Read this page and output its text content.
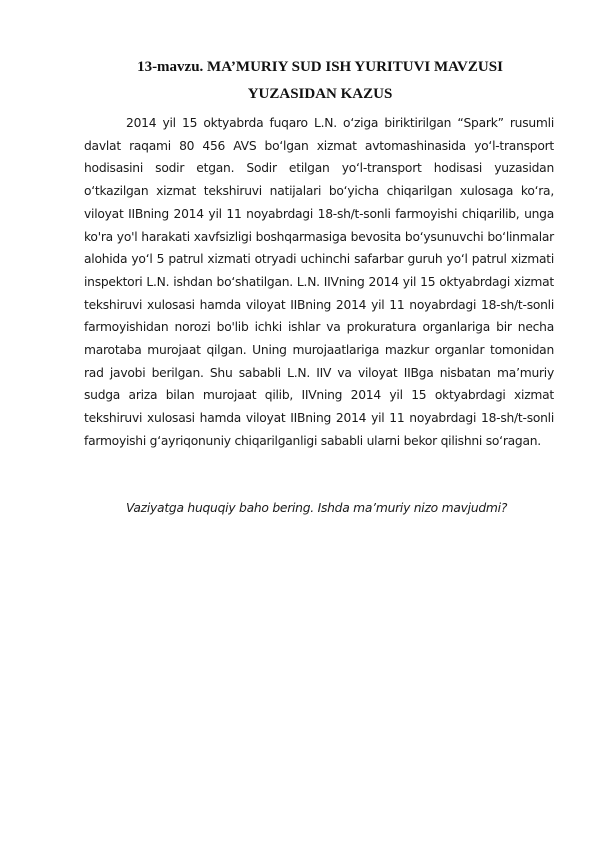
13-mavzu. MA’MURIY SUD ISH YURITUVI MAVZUSI
YUZASIDAN KAZUS

2014 yil 15 oktyabrda fuqaro L.N. o‘ziga biriktirilgan “Spark” rusumli davlat raqami 80 456 AVS bo‘lgan xizmat avtomashinasida yo‘l-transport hodisasini sodir etgan. Sodir etilgan yo‘l-transport hodisasi yuzasidan o‘tkazilgan xizmat tekshiruvi natijalari bo‘yicha chiqarilgan xulosaga ko‘ra, viloyat IIBning 2014 yil 11 noyabrdagi 18-sh/t-sonli farmoyishi chiqarilib, unga ko'ra yo'l harakati xavfsizligi boshqarmasiga bevosita bo‘ysunuvchi bo‘linmalar alohida yo‘l 5 patrul xizmati otryadi uchinchi safarbar guruh yo‘l patrul xizmati inspektori L.N. ishdan bo‘shatilgan. L.N. IIVning 2014 yil 15 oktyabrdagi xizmat tekshiruvi xulosasi hamda viloyat IIBning 2014 yil 11 noyabrdagi 18-sh/t-sonli farmoyishidan norozi bo'lib ichki ishlar va prokuratura organlariga bir necha marotaba murojaat qilgan. Uning murojaatlariga mazkur organlar tomonidan rad javobi berilgan. Shu sababli L.N. IIV va viloyat IIBga nisbatan ma’muriy sudga ariza bilan murojaat qilib, IIVning 2014 yil 15 oktyabrdagi xizmat tekshiruvi xulosasi hamda viloyat IIBning 2014 yil 11 noyabrdagi 18-sh/t-sonli farmoyishi g‘ayriqonuniy chiqarilganligi sababli ularni bekor qilishni so‘ragan.

Vaziyatga huquqiy baho bering. Ishda ma’muriy nizo mavjudmi?
